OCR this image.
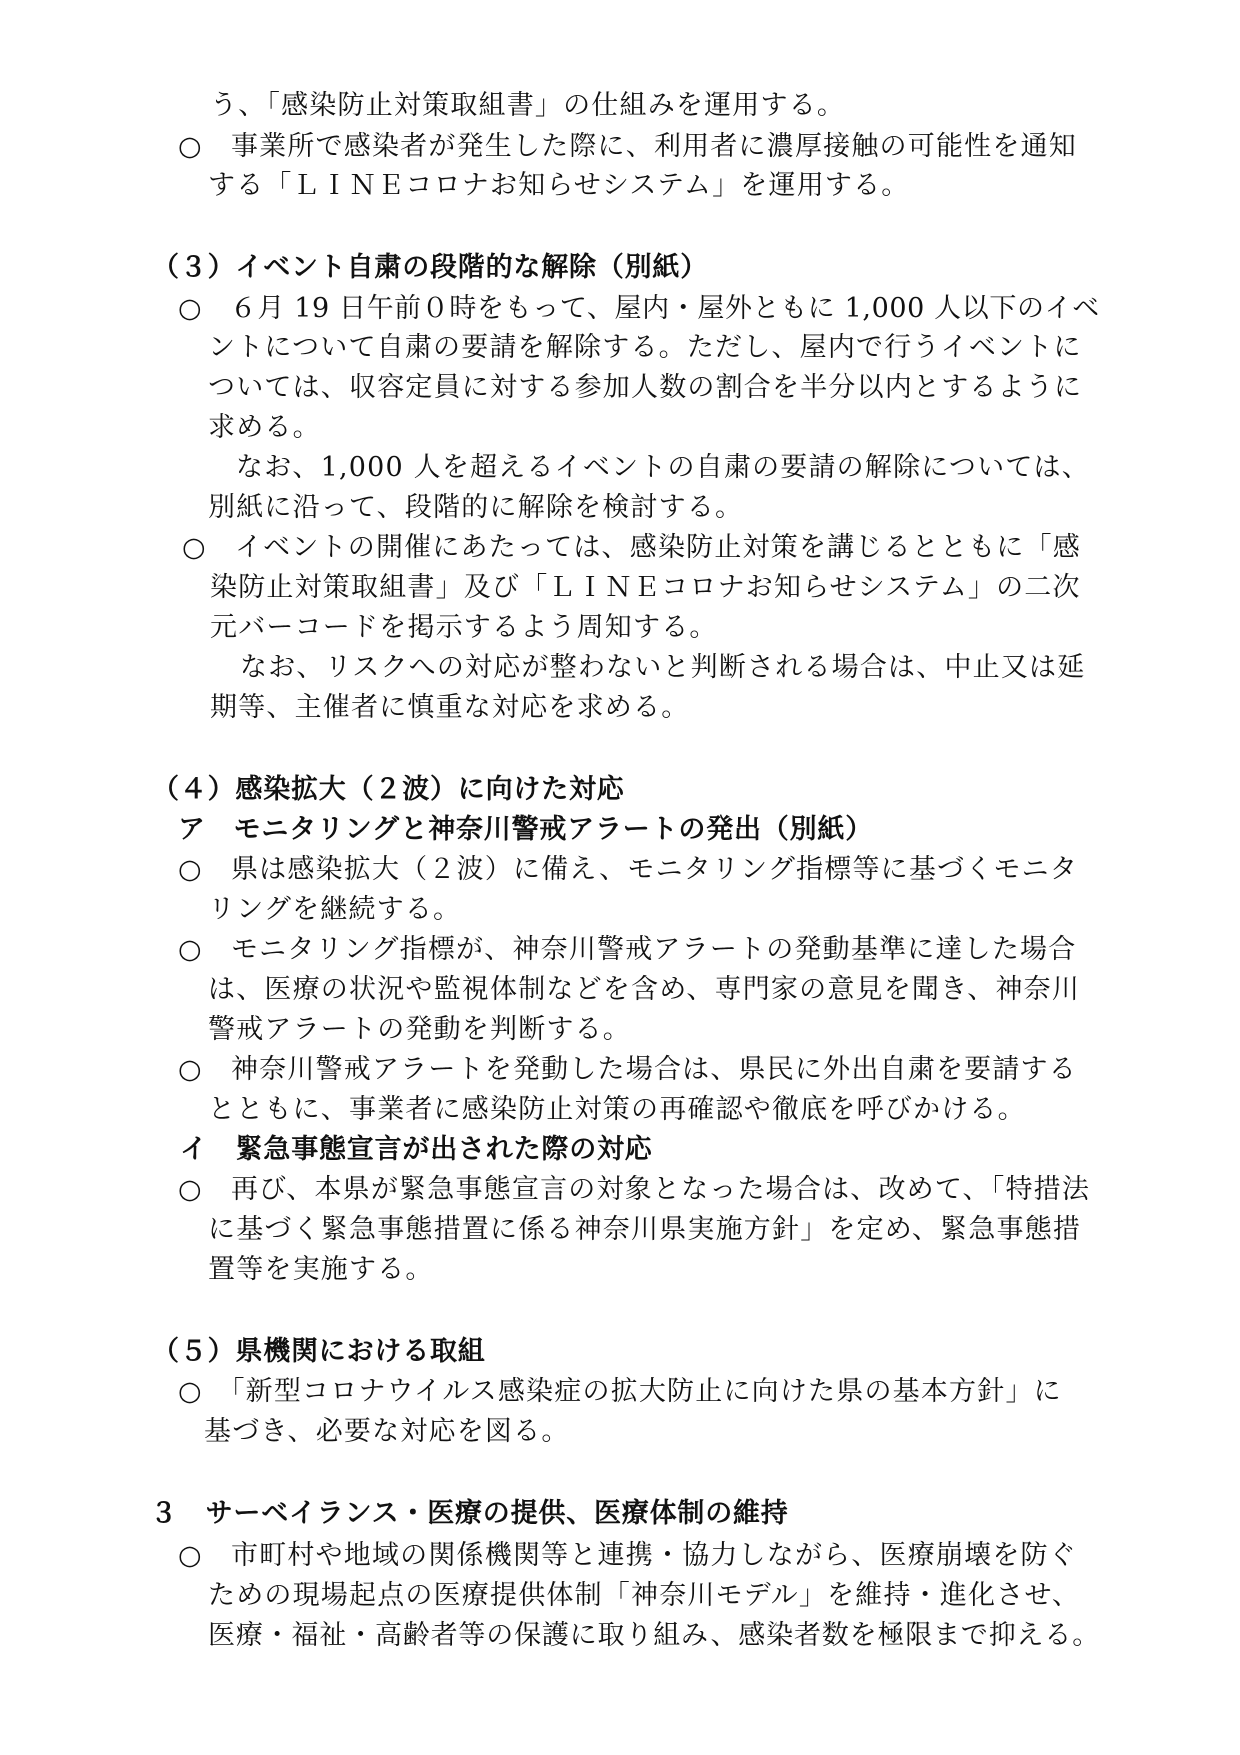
う、「感染防止対策取組書」の仕組みを運用する。
○　事業所で感染者が発生した際に、利用者に濃厚接触の可能性を通知
する「ＬＩＮＥコロナお知らせシステム」を運用する。
（３）イベント自粛の段階的な解除（別紙）
○　６月 19 日午前０時をもって、屋内・屋外ともに 1,000 人以下のイベ
ントについて自粛の要請を解除する。ただし、屋内で行うイベントに
ついては、収容定員に対する参加人数の割合を半分以内とするように
求める。
なお、1,000 人を超えるイベントの自粛の要請の解除については、
別紙に沿って、段階的に解除を検討する。
○　イベントの開催にあたっては、感染防止対策を講じるとともに「感
染防止対策取組書」及び「ＬＩＮＥコロナお知らせシステム」の二次
元バーコードを掲示するよう周知する。
なお、リスクへの対応が整わないと判断される場合は、中止又は延
期等、主催者に慎重な対応を求める。
（４）感染拡大（２波）に向けた対応
ア　モニタリングと神奈川警戒アラートの発出（別紙）
○　県は感染拡大（２波）に備え、モニタリング指標等に基づくモニタ
リングを継続する。
○　モニタリング指標が、神奈川警戒アラートの発動基準に達した場合
は、医療の状況や監視体制などを含め、専門家の意見を聞き、神奈川
警戒アラートの発動を判断する。
○　神奈川警戒アラートを発動した場合は、県民に外出自粛を要請する
とともに、事業者に感染防止対策の再確認や徹底を呼びかける。
イ　緊急事態宣言が出された際の対応
○　再び、本県が緊急事態宣言の対象となった場合は、改めて、「特措法
に基づく緊急事態措置に係る神奈川県実施方針」を定め、緊急事態措
置等を実施する。
（５）県機関における取組
○　「新型コロナウイルス感染症の拡大防止に向けた県の基本方針」に
基づき、必要な対応を図る。
３　サーベイランス・医療の提供、医療体制の維持
○　市町村や地域の関係機関等と連携・協力しながら、医療崩壊を防ぐ
ための現場起点の医療提供体制「神奈川モデル」を維持・進化させ、
医療・福祉・高齢者等の保護に取り組み、感染者数を極限まで抑える。
